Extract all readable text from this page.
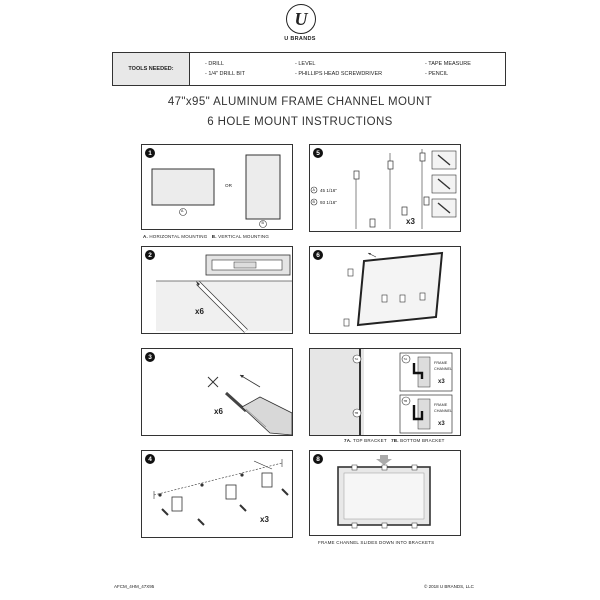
U
U BRANDS
TOOLS NEEDED:
- DRILL
- 1/4" DRILL BIT
- LEVEL
- PHILLIPS HEAD SCREWDRIVER
- TAPE MEASURE
- PENCIL
47"x95" ALUMINUM FRAME CHANNEL MOUNT
6 HOLE MOUNT INSTRUCTIONS
1
OR
A
B
A. HORIZONTAL MOUNTING B. VERTICAL MOUNTING
2
x6
3
x6
4
x3
5
A 45 1/16"
B 93 1/16"
x3
6
7A
7B
7A
7B
FRAME
CHANNEL
FRAME
CHANNEL
x3
x3
7A. TOP BRACKET 7B. BOTTOM BRACKET
8
FRAME CHANNEL SLIDES DOWN INTO BRACKETS
AFCM_4HM_47X95	© 2018 U BRANDS, LLC
